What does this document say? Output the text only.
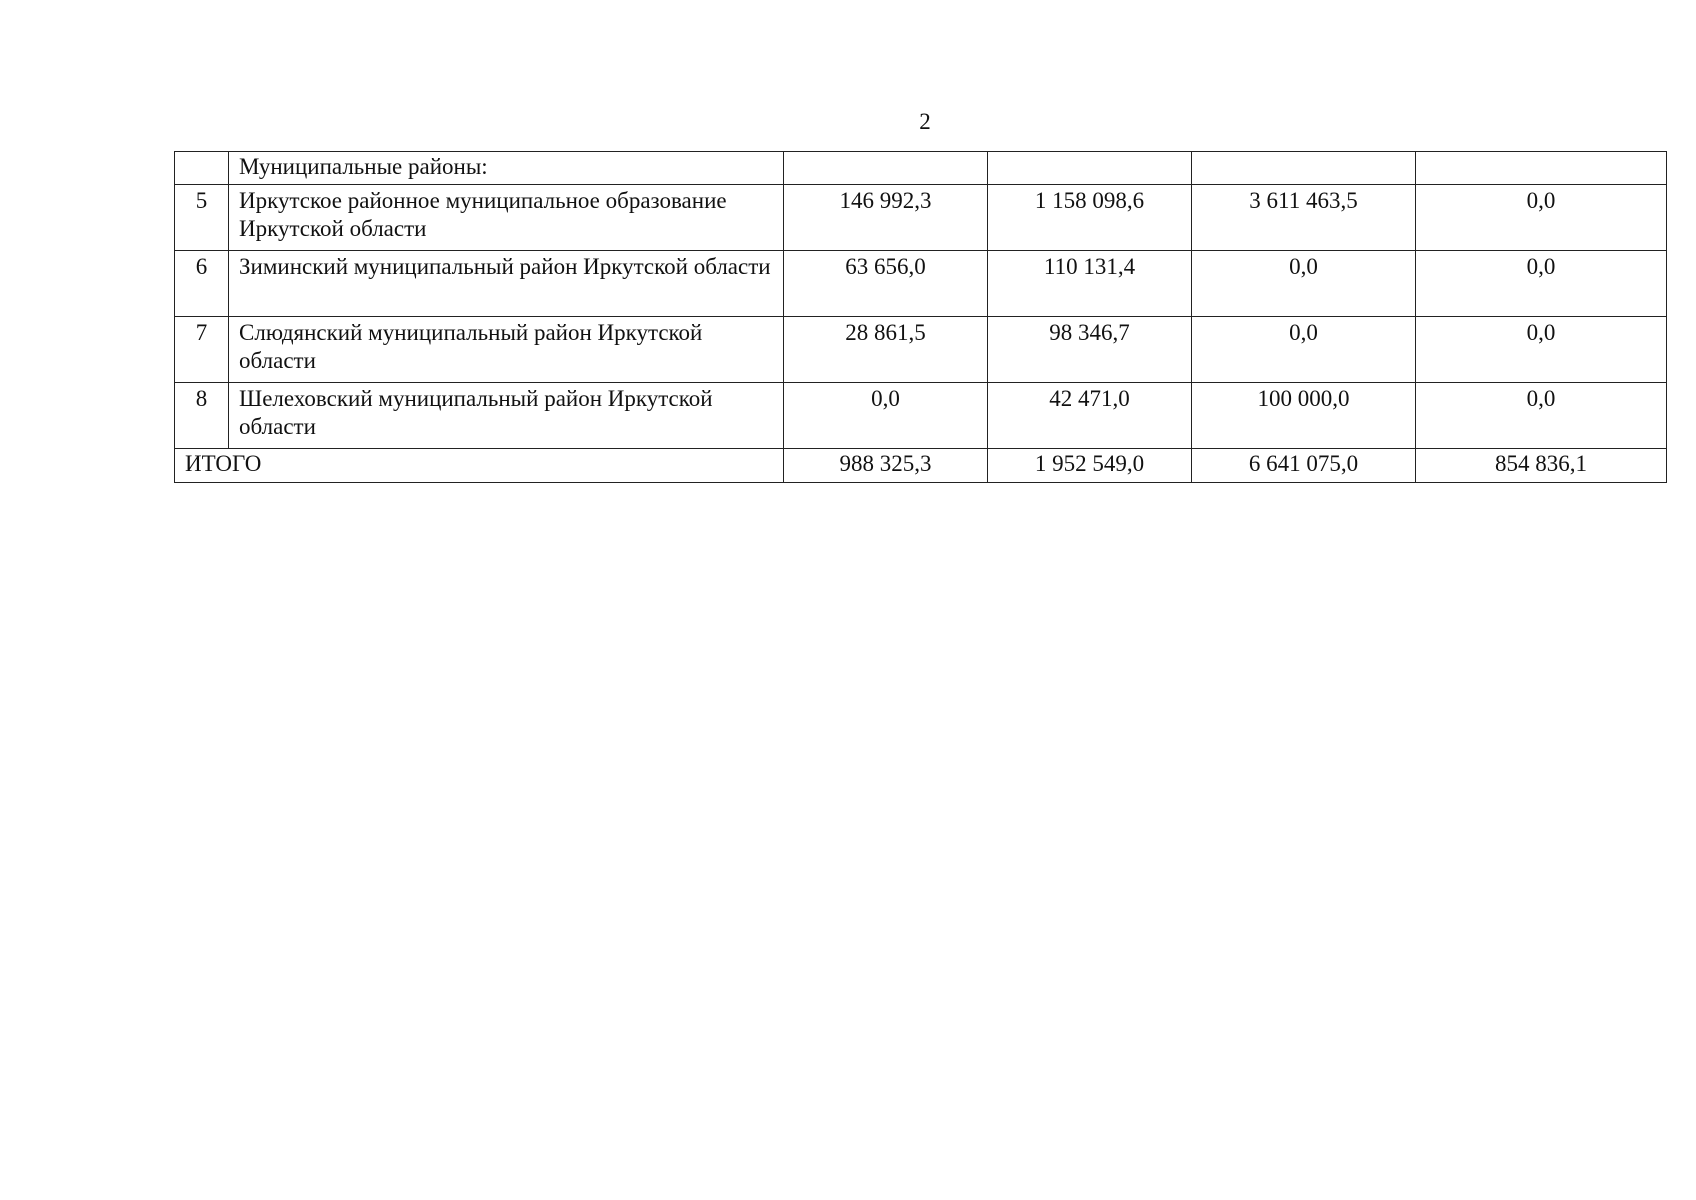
2
	Муниципальные районы:				
5	Иркутское районное муниципальное образование Иркутской области	146 992,3	1 158 098,6	3 611 463,5	0,0
6	Зиминский муниципальный район Иркутской области	63 656,0	110 131,4	0,0	0,0
7	Слюдянский муниципальный район Иркутской области	28 861,5	98 346,7	0,0	0,0
8	Шелеховский муниципальный район Иркутской области	0,0	42 471,0	100 000,0	0,0
ИТОГО		988 325,3	1 952 549,0	6 641 075,0	854 836,1
